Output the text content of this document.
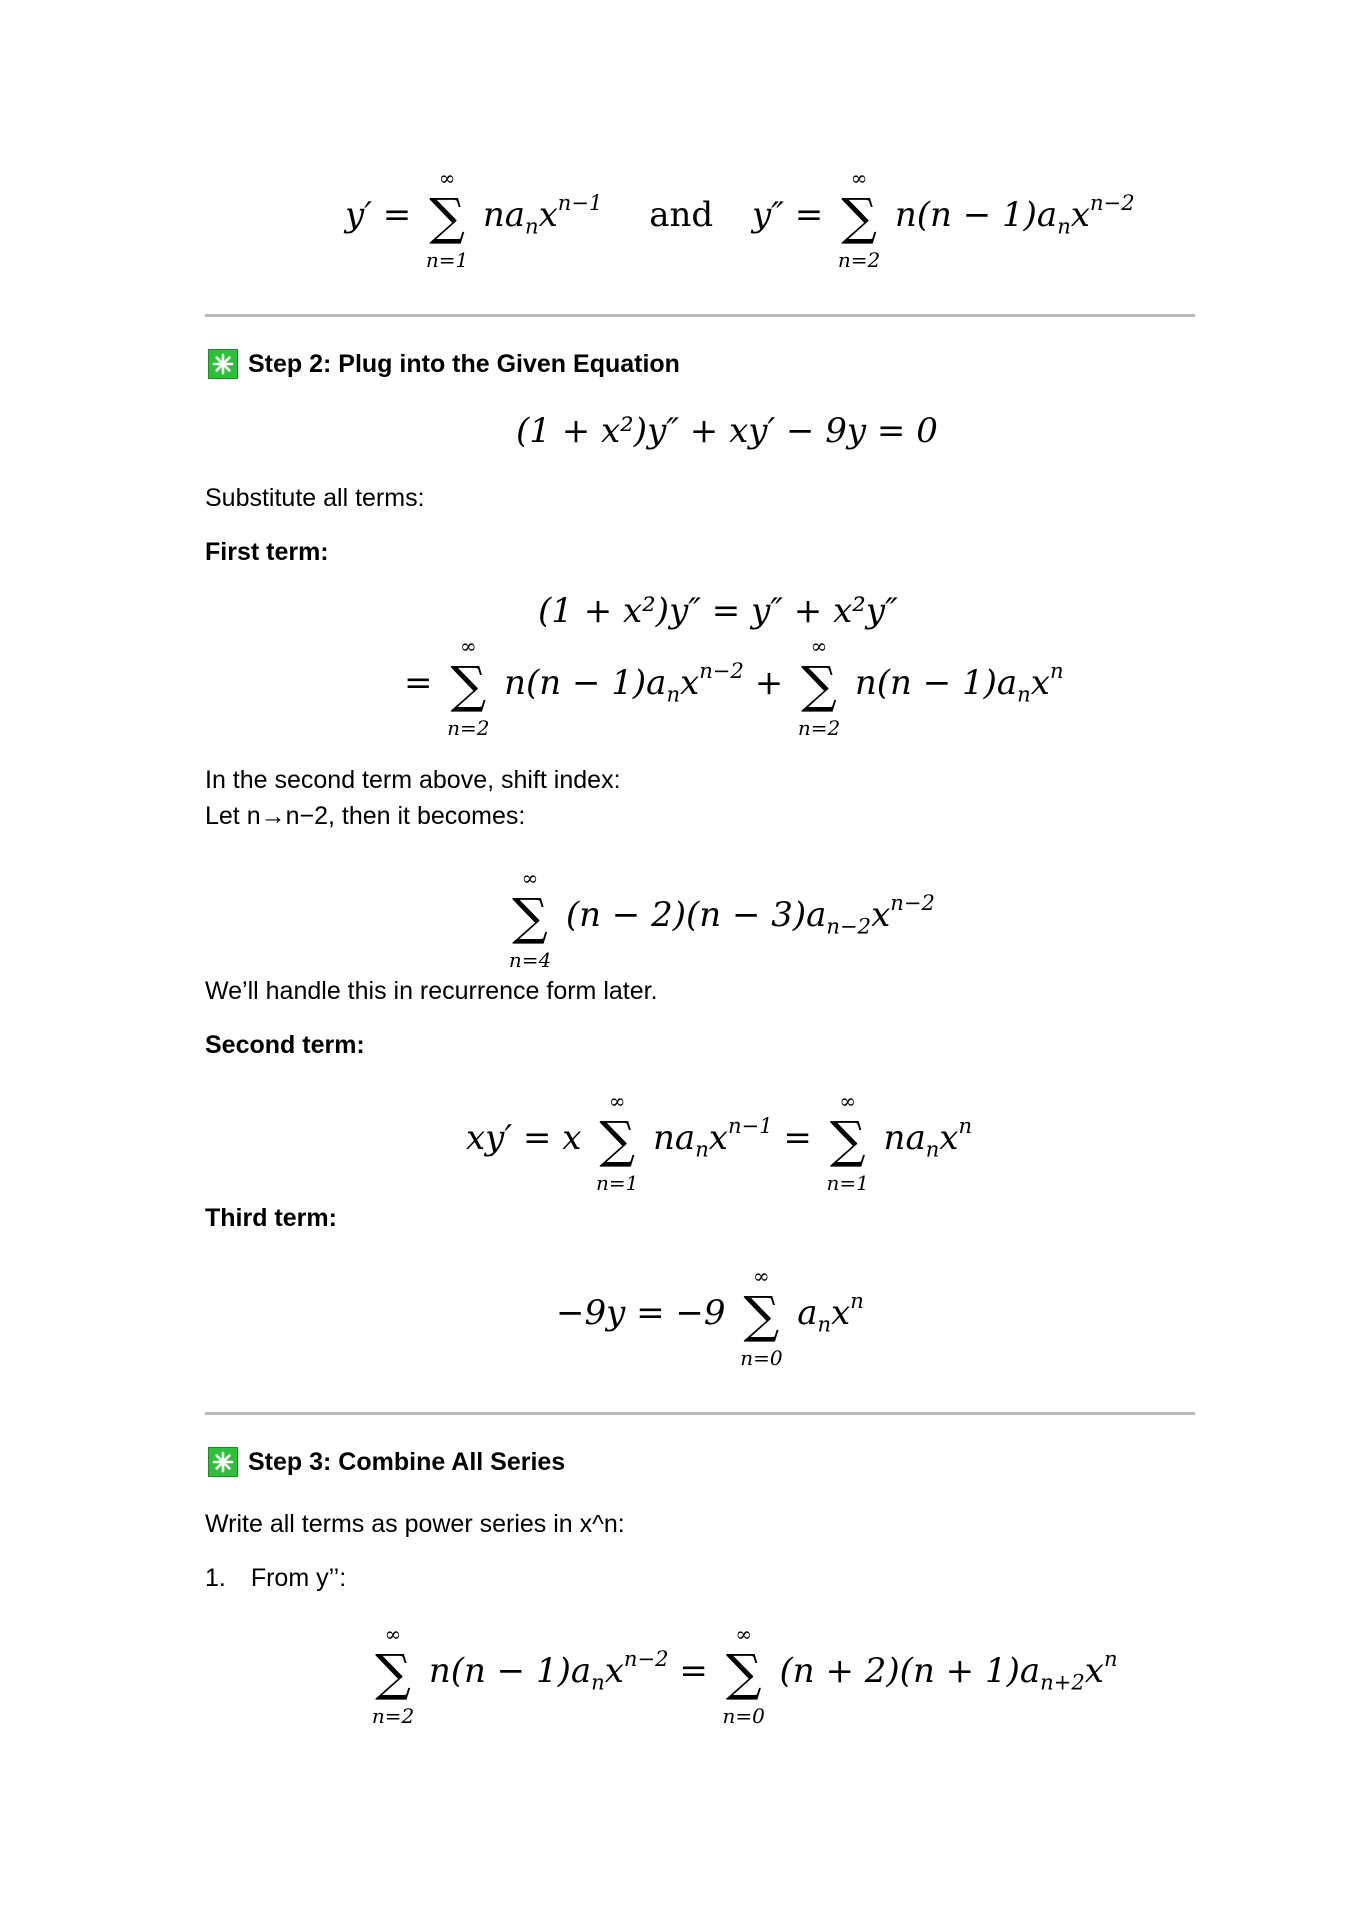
y′ =
∞
∑
n=1
$na_nx^{n-1}$ and y″ =
∞
∑
n=2
$n(n - 1)a_nx^{n-2}$
Step 2: Plug into the Given Equation
(1 + x²)y″ + xy′ − 9y = 0
Substitute all terms:
First term:
(1 + x²)y″ = y″ + x²y″
=
∞
∑
n=2
$n(n - 1)a_nx^{n-2}$ +
∞
∑
n=2
$n(n - 1)a_nx^n$
In the second term above, shift index:
Let n→n−2, then it becomes:
∞
∑
n=4
$(n - 2)(n - 3)a_{n-2}x^{n-2}$
We’ll handle this in recurrence form later.
Second term:
xy′ = x
∞
∑
n=1
$na_nx^{n-1}$ =
∞
∑
n=1
$na_nx^n$
Third term:
−9y = −9
∞
∑
n=0
$a_nx^n$
Step 3: Combine All Series
Write all terms as power series in x^n:
1. From y’’:
∞
∑
n=2
$n(n - 1)a_nx^{n-2}$ =
∞
∑
n=0
$(n + 2)(n + 1)a_{n+2}x^n$
